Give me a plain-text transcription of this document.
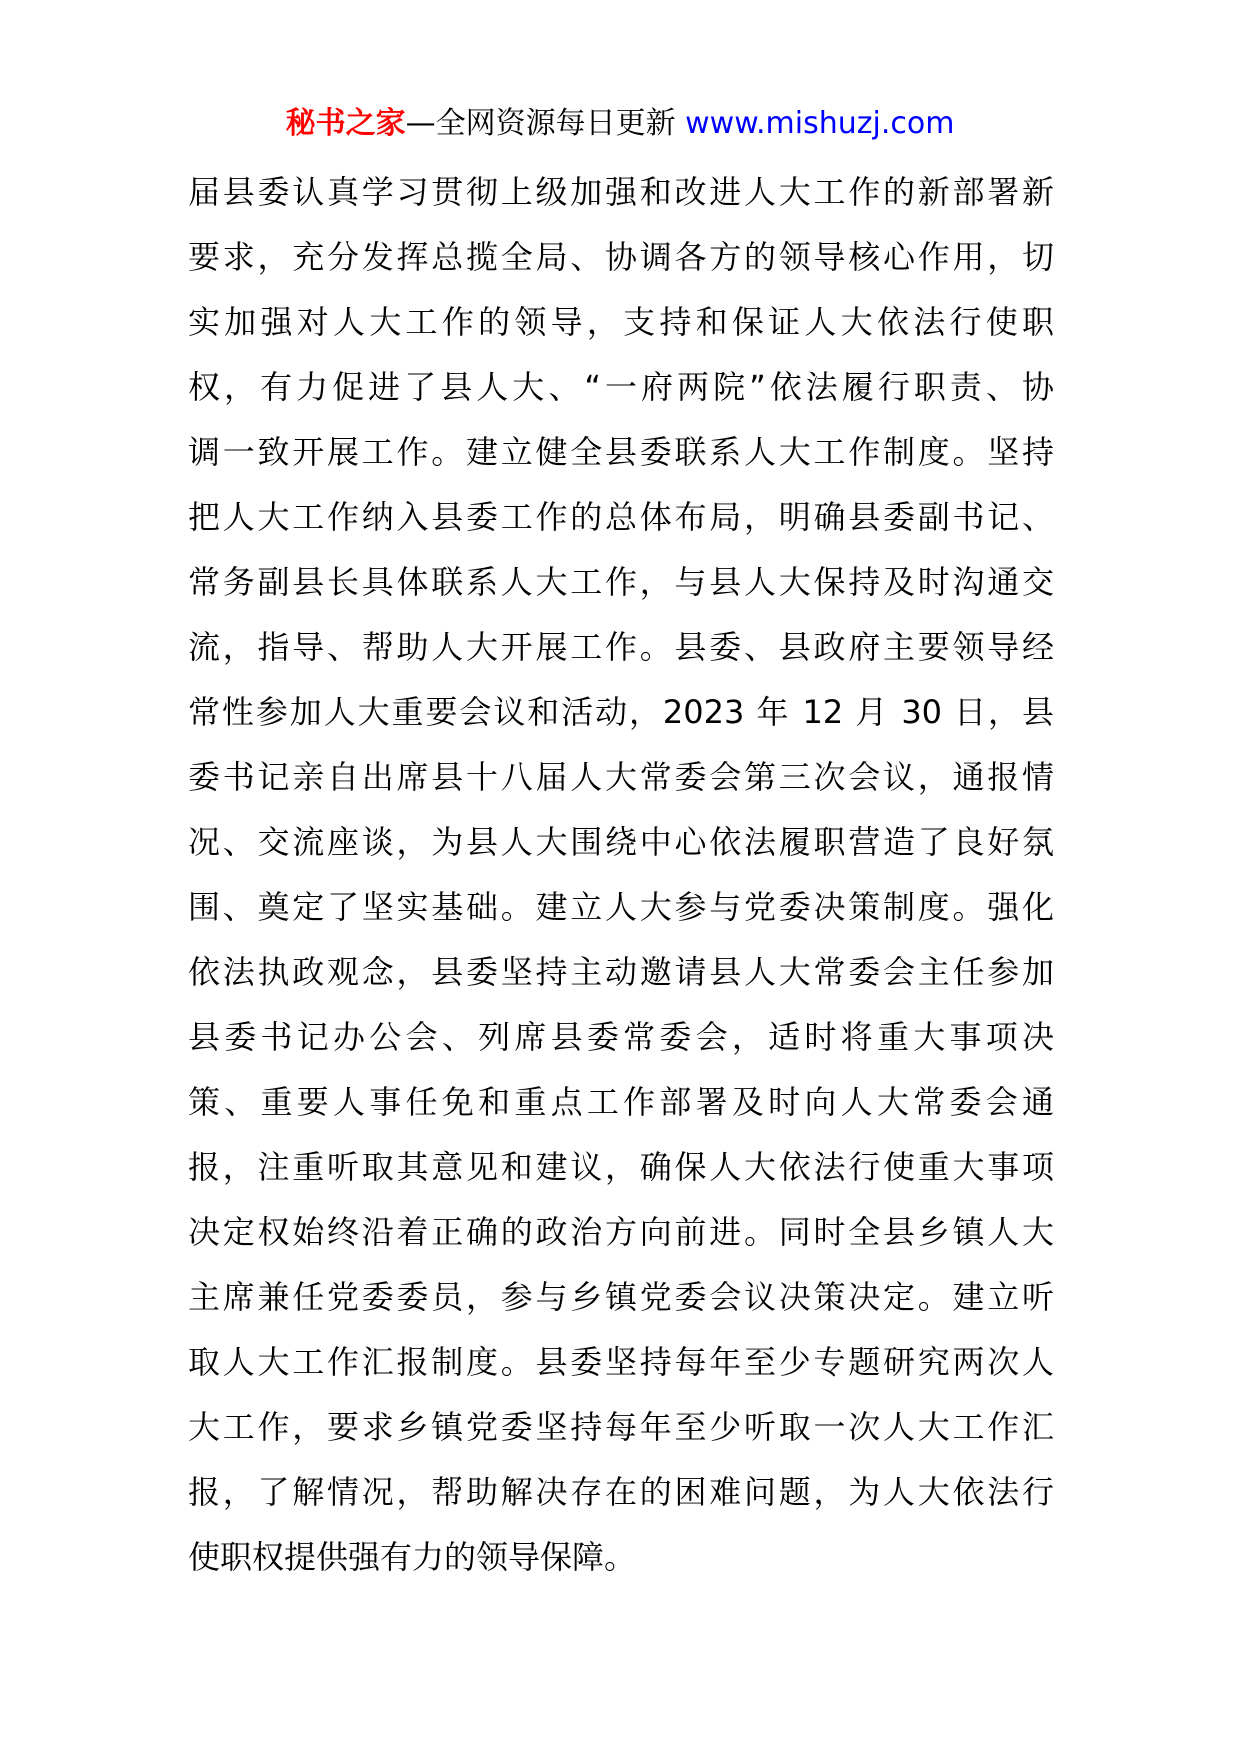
秘书之家—全网资源每日更新 www.mishuzj.com
届县委认真学习贯彻上级加强和改进人大工作的新部署新
要求，充分发挥总揽全局、协调各方的领导核心作用，切
实加强对人大工作的领导，支持和保证人大依法行使职
权，有力促进了县人大、“一府两院”依法履行职责、协
调一致开展工作。建立健全县委联系人大工作制度。坚持
把人大工作纳入县委工作的总体布局，明确县委副书记、
常务副县长具体联系人大工作，与县人大保持及时沟通交
流，指导、帮助人大开展工作。县委、县政府主要领导经
常性参加人大重要会议和活动，2023 年 12 月 30 日，县
委书记亲自出席县十八届人大常委会第三次会议，通报情
况、交流座谈，为县人大围绕中心依法履职营造了良好氛
围、奠定了坚实基础。建立人大参与党委决策制度。强化
依法执政观念，县委坚持主动邀请县人大常委会主任参加
县委书记办公会、列席县委常委会，适时将重大事项决
策、重要人事任免和重点工作部署及时向人大常委会通
报，注重听取其意见和建议，确保人大依法行使重大事项
决定权始终沿着正确的政治方向前进。同时全县乡镇人大
主席兼任党委委员，参与乡镇党委会议决策决定。建立听
取人大工作汇报制度。县委坚持每年至少专题研究两次人
大工作，要求乡镇党委坚持每年至少听取一次人大工作汇
报，了解情况，帮助解决存在的困难问题，为人大依法行
使职权提供强有力的领导保障。
